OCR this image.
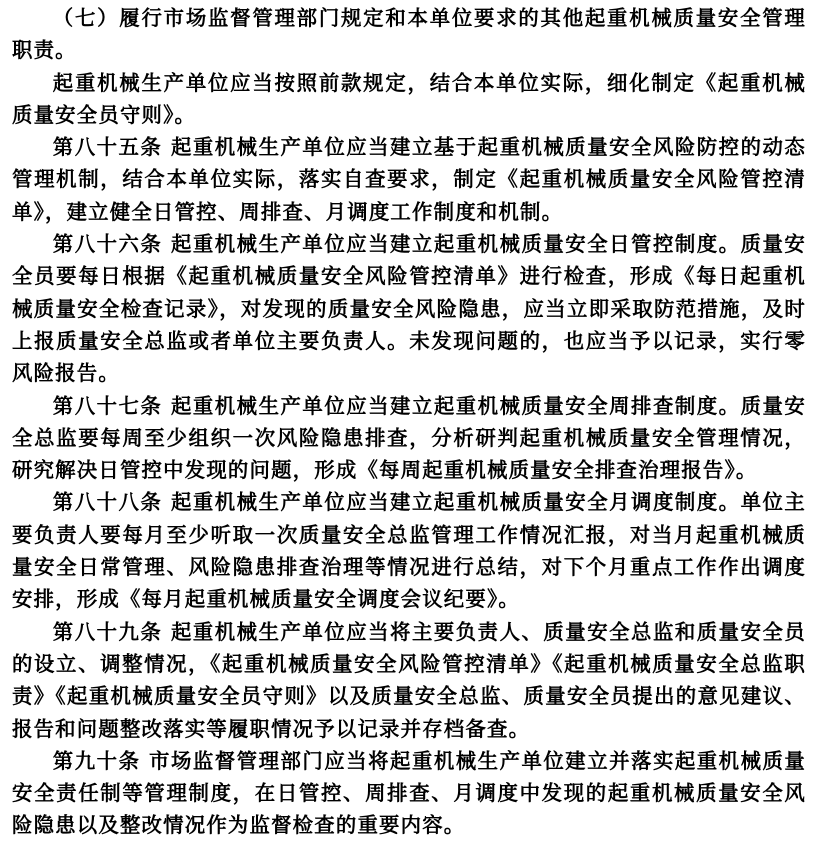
（七）履行市场监督管理部门规定和本单位要求的其他起重机械质量安全管理职责。

起重机械生产单位应当按照前款规定，结合本单位实际，细化制定《起重机械质量安全员守则》。

第八十五条 起重机械生产单位应当建立基于起重机械质量安全风险防控的动态管理机制，结合本单位实际，落实自查要求，制定《起重机械质量安全风险管控清单》，建立健全日管控、周排查、月调度工作制度和机制。

第八十六条 起重机械生产单位应当建立起重机械质量安全日管控制度。质量安全员要每日根据《起重机械质量安全风险管控清单》进行检查，形成《每日起重机械质量安全检查记录》，对发现的质量安全风险隐患，应当立即采取防范措施，及时上报质量安全总监或者单位主要负责人。未发现问题的，也应当予以记录，实行零风险报告。

第八十七条 起重机械生产单位应当建立起重机械质量安全周排查制度。质量安全总监要每周至少组织一次风险隐患排查，分析研判起重机械质量安全管理情况，研究解决日管控中发现的问题，形成《每周起重机械质量安全排查治理报告》。

第八十八条 起重机械生产单位应当建立起重机械质量安全月调度制度。单位主要负责人要每月至少听取一次质量安全总监管理工作情况汇报，对当月起重机械质量安全日常管理、风险隐患排查治理等情况进行总结，对下个月重点工作作出调度安排，形成《每月起重机械质量安全调度会议纪要》。

第八十九条 起重机械生产单位应当将主要负责人、质量安全总监和质量安全员的设立、调整情况，《起重机械质量安全风险管控清单》《起重机械质量安全总监职责》《起重机械质量安全员守则》以及质量安全总监、质量安全员提出的意见建议、报告和问题整改落实等履职情况予以记录并存档备查。

第九十条 市场监督管理部门应当将起重机械生产单位建立并落实起重机械质量安全责任制等管理制度，在日管控、周排查、月调度中发现的起重机械质量安全风险隐患以及整改情况作为监督检查的重要内容。
